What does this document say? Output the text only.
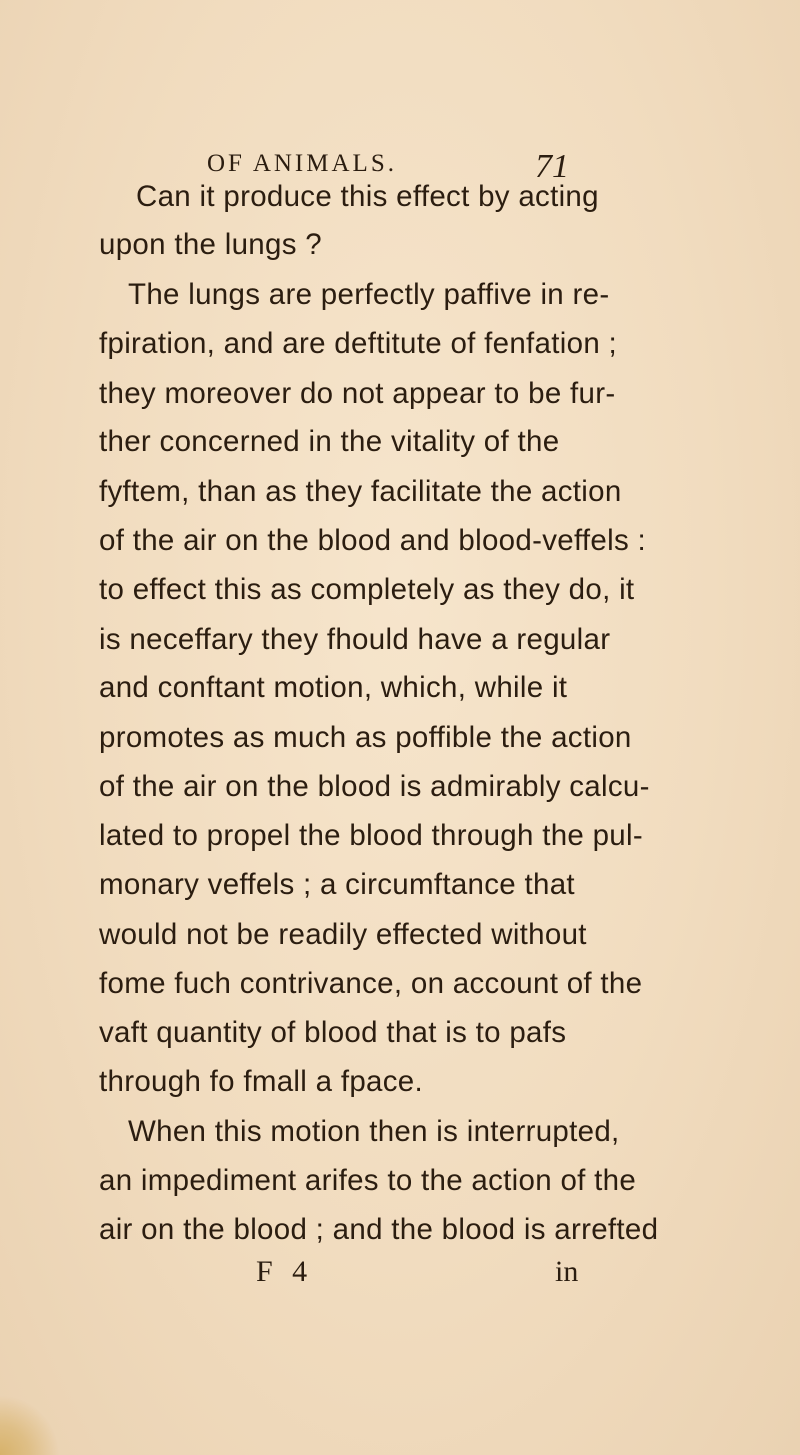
OF ANIMALS.	71
Can it produce this effect by acting
upon the lungs ?
The lungs are perfectly paffive in re-
fpiration, and are deftitute of fenfation ;
they moreover do not appear to be fur-
ther concerned in the vitality of the
fyftem, than as they facilitate the action
of the air on the blood and blood-veffels :
to effect this as completely as they do, it
is neceffary they fhould have a regular
and conftant motion, which, while it
promotes as much as poffible the action
of the air on the blood is admirably calcu-
lated to propel the blood through the pul-
monary veffels ; a circumftance that
would not be readily effected without
fome fuch contrivance, on account of the
vaft quantity of blood that is to pafs
through fo fmall a fpace.
When this motion then is interrupted,
an impediment arifes to the action of the
air on the blood ; and the blood is arrefted
F 4	in
